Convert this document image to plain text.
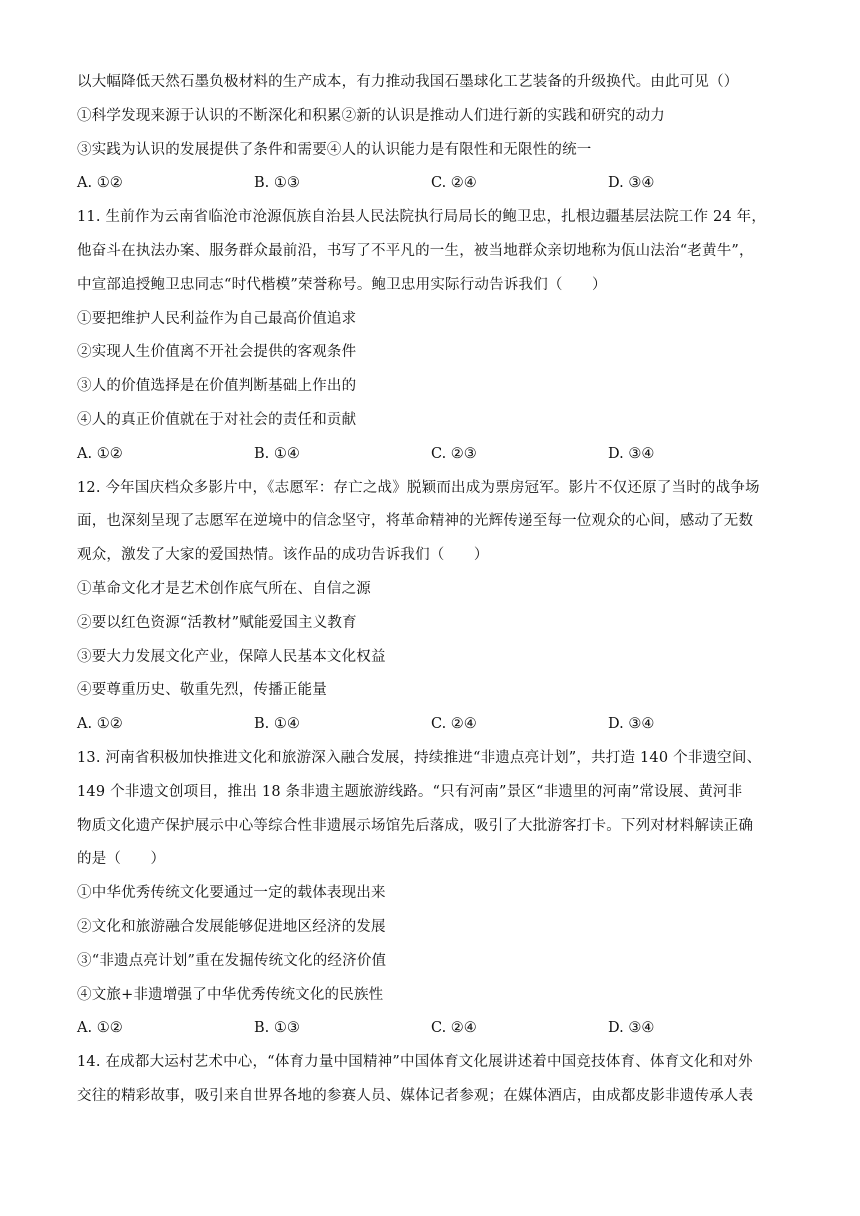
以大幅降低天然石墨负极材料的生产成本，有力推动我国石墨球化工艺装备的升级换代。由此可见（）
①科学发现来源于认识的不断深化和积累②新的认识是推动人们进行新的实践和研究的动力
③实践为认识的发展提供了条件和需要④人的认识能力是有限性和无限性的统一
A. ①②	B. ①③	C. ②④	D. ③④
11. 生前作为云南省临沧市沧源佤族自治县人民法院执行局局长的鲍卫忠，扎根边疆基层法院工作 24 年，
他奋斗在执法办案、服务群众最前沿，书写了不平凡的一生，被当地群众亲切地称为佤山法治“老黄牛”，
中宣部追授鲍卫忠同志“时代楷模”荣誉称号。鲍卫忠用实际行动告诉我们（　　）
①要把维护人民利益作为自己最高价值追求
②实现人生价值离不开社会提供的客观条件
③人的价值选择是在价值判断基础上作出的
④人的真正价值就在于对社会的责任和贡献
A. ①②	B. ①④	C. ②③	D. ③④
12. 今年国庆档众多影片中，《志愿军：存亡之战》脱颖而出成为票房冠军。影片不仅还原了当时的战争场
面，也深刻呈现了志愿军在逆境中的信念坚守，将革命精神的光辉传递至每一位观众的心间，感动了无数
观众，激发了大家的爱国热情。该作品的成功告诉我们（　　）
①革命文化才是艺术创作底气所在、自信之源
②要以红色资源“活教材”赋能爱国主义教育
③要大力发展文化产业，保障人民基本文化权益
④要尊重历史、敬重先烈，传播正能量
A. ①②	B. ①④	C. ②④	D. ③④
13. 河南省积极加快推进文化和旅游深入融合发展，持续推进“非遗点亮计划”，共打造 140 个非遗空间、
149 个非遗文创项目，推出 18 条非遗主题旅游线路。“只有河南”景区“非遗里的河南”常设展、黄河非
物质文化遗产保护展示中心等综合性非遗展示场馆先后落成，吸引了大批游客打卡。下列对材料解读正确
的是（　　）
①中华优秀传统文化要通过一定的载体表现出来
②文化和旅游融合发展能够促进地区经济的发展
③“非遗点亮计划”重在发掘传统文化的经济价值
④文旅+非遗增强了中华优秀传统文化的民族性
A. ①②	B. ①③	C. ②④	D. ③④
14. 在成都大运村艺术中心，“体育力量中国精神”中国体育文化展讲述着中国竞技体育、体育文化和对外
交往的精彩故事，吸引来自世界各地的参赛人员、媒体记者参观；在媒体酒店，由成都皮影非遗传承人表
